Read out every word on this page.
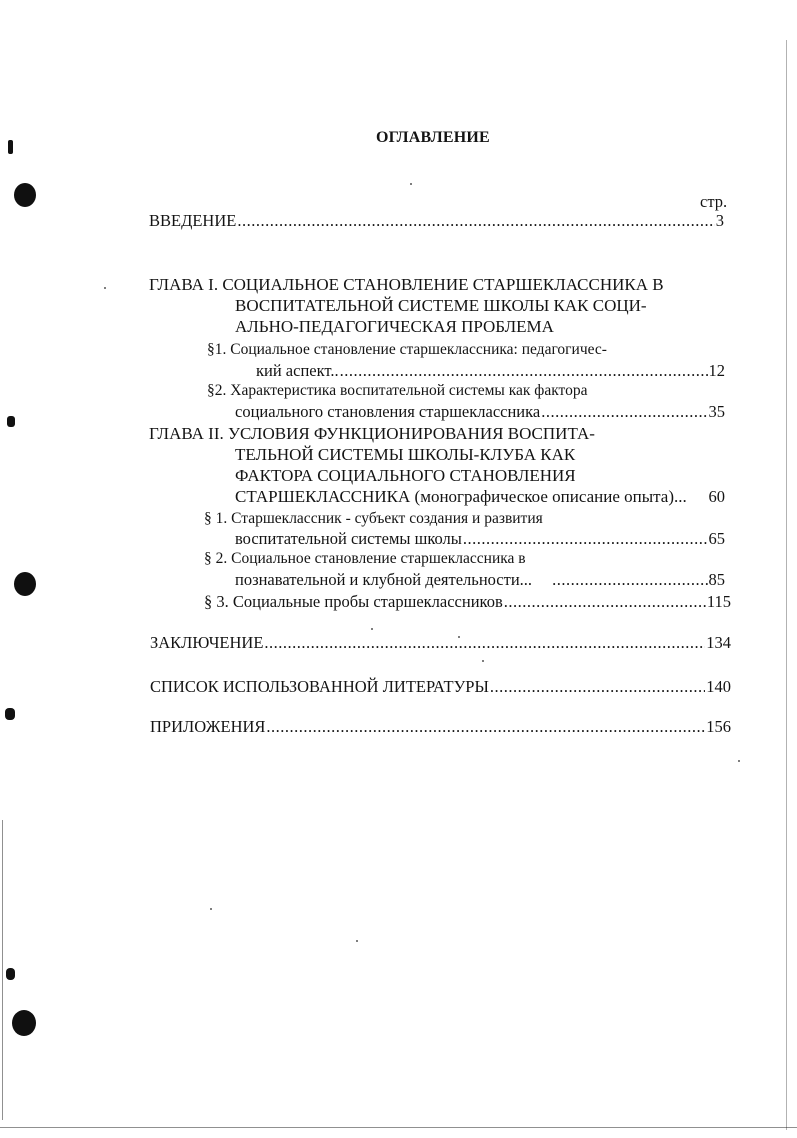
ОГЛАВЛЕНИЕ
стр.
ВВЕДЕНИЕ .....	3
ГЛАВА I. СОЦИАЛЬНОЕ СТАНОВЛЕНИЕ СТАРШЕКЛАССНИКА В
ВОСПИТАТЕЛЬНОЙ СИСТЕМЕ ШКОЛЫ КАК СОЦИ-
АЛЬНО-ПЕДАГОГИЧЕСКАЯ ПРОБЛЕМА
§1. Социальное становление старшеклассника: педагогичес-
кий аспект.. .....	12
§2. Характеристика воспитательной системы как фактора
социального становления старшеклассника .....	35
ГЛАВА II. УСЛОВИЯ ФУНКЦИОНИРОВАНИЯ ВОСПИТА-
ТЕЛЬНОЙ СИСТЕМЫ ШКОЛЫ-КЛУБА КАК
ФАКТОРА СОЦИАЛЬНОГО СТАНОВЛЕНИЯ
СТАРШЕКЛАССНИКА (монографическое описание опыта)... 60
§ 1. Старшеклассник - субъект создания и развития
воспитательной системы школы .....	65
§ 2. Социальное становление старшеклассника в
познавательной и клубной деятельности... .....	85
§ 3. Социальные пробы старшеклассников .....	115
ЗАКЛЮЧЕНИЕ .....	134
СПИСОК ИСПОЛЬЗОВАННОЙ ЛИТЕРАТУРЫ .....	140
ПРИЛОЖЕНИЯ .....	156
